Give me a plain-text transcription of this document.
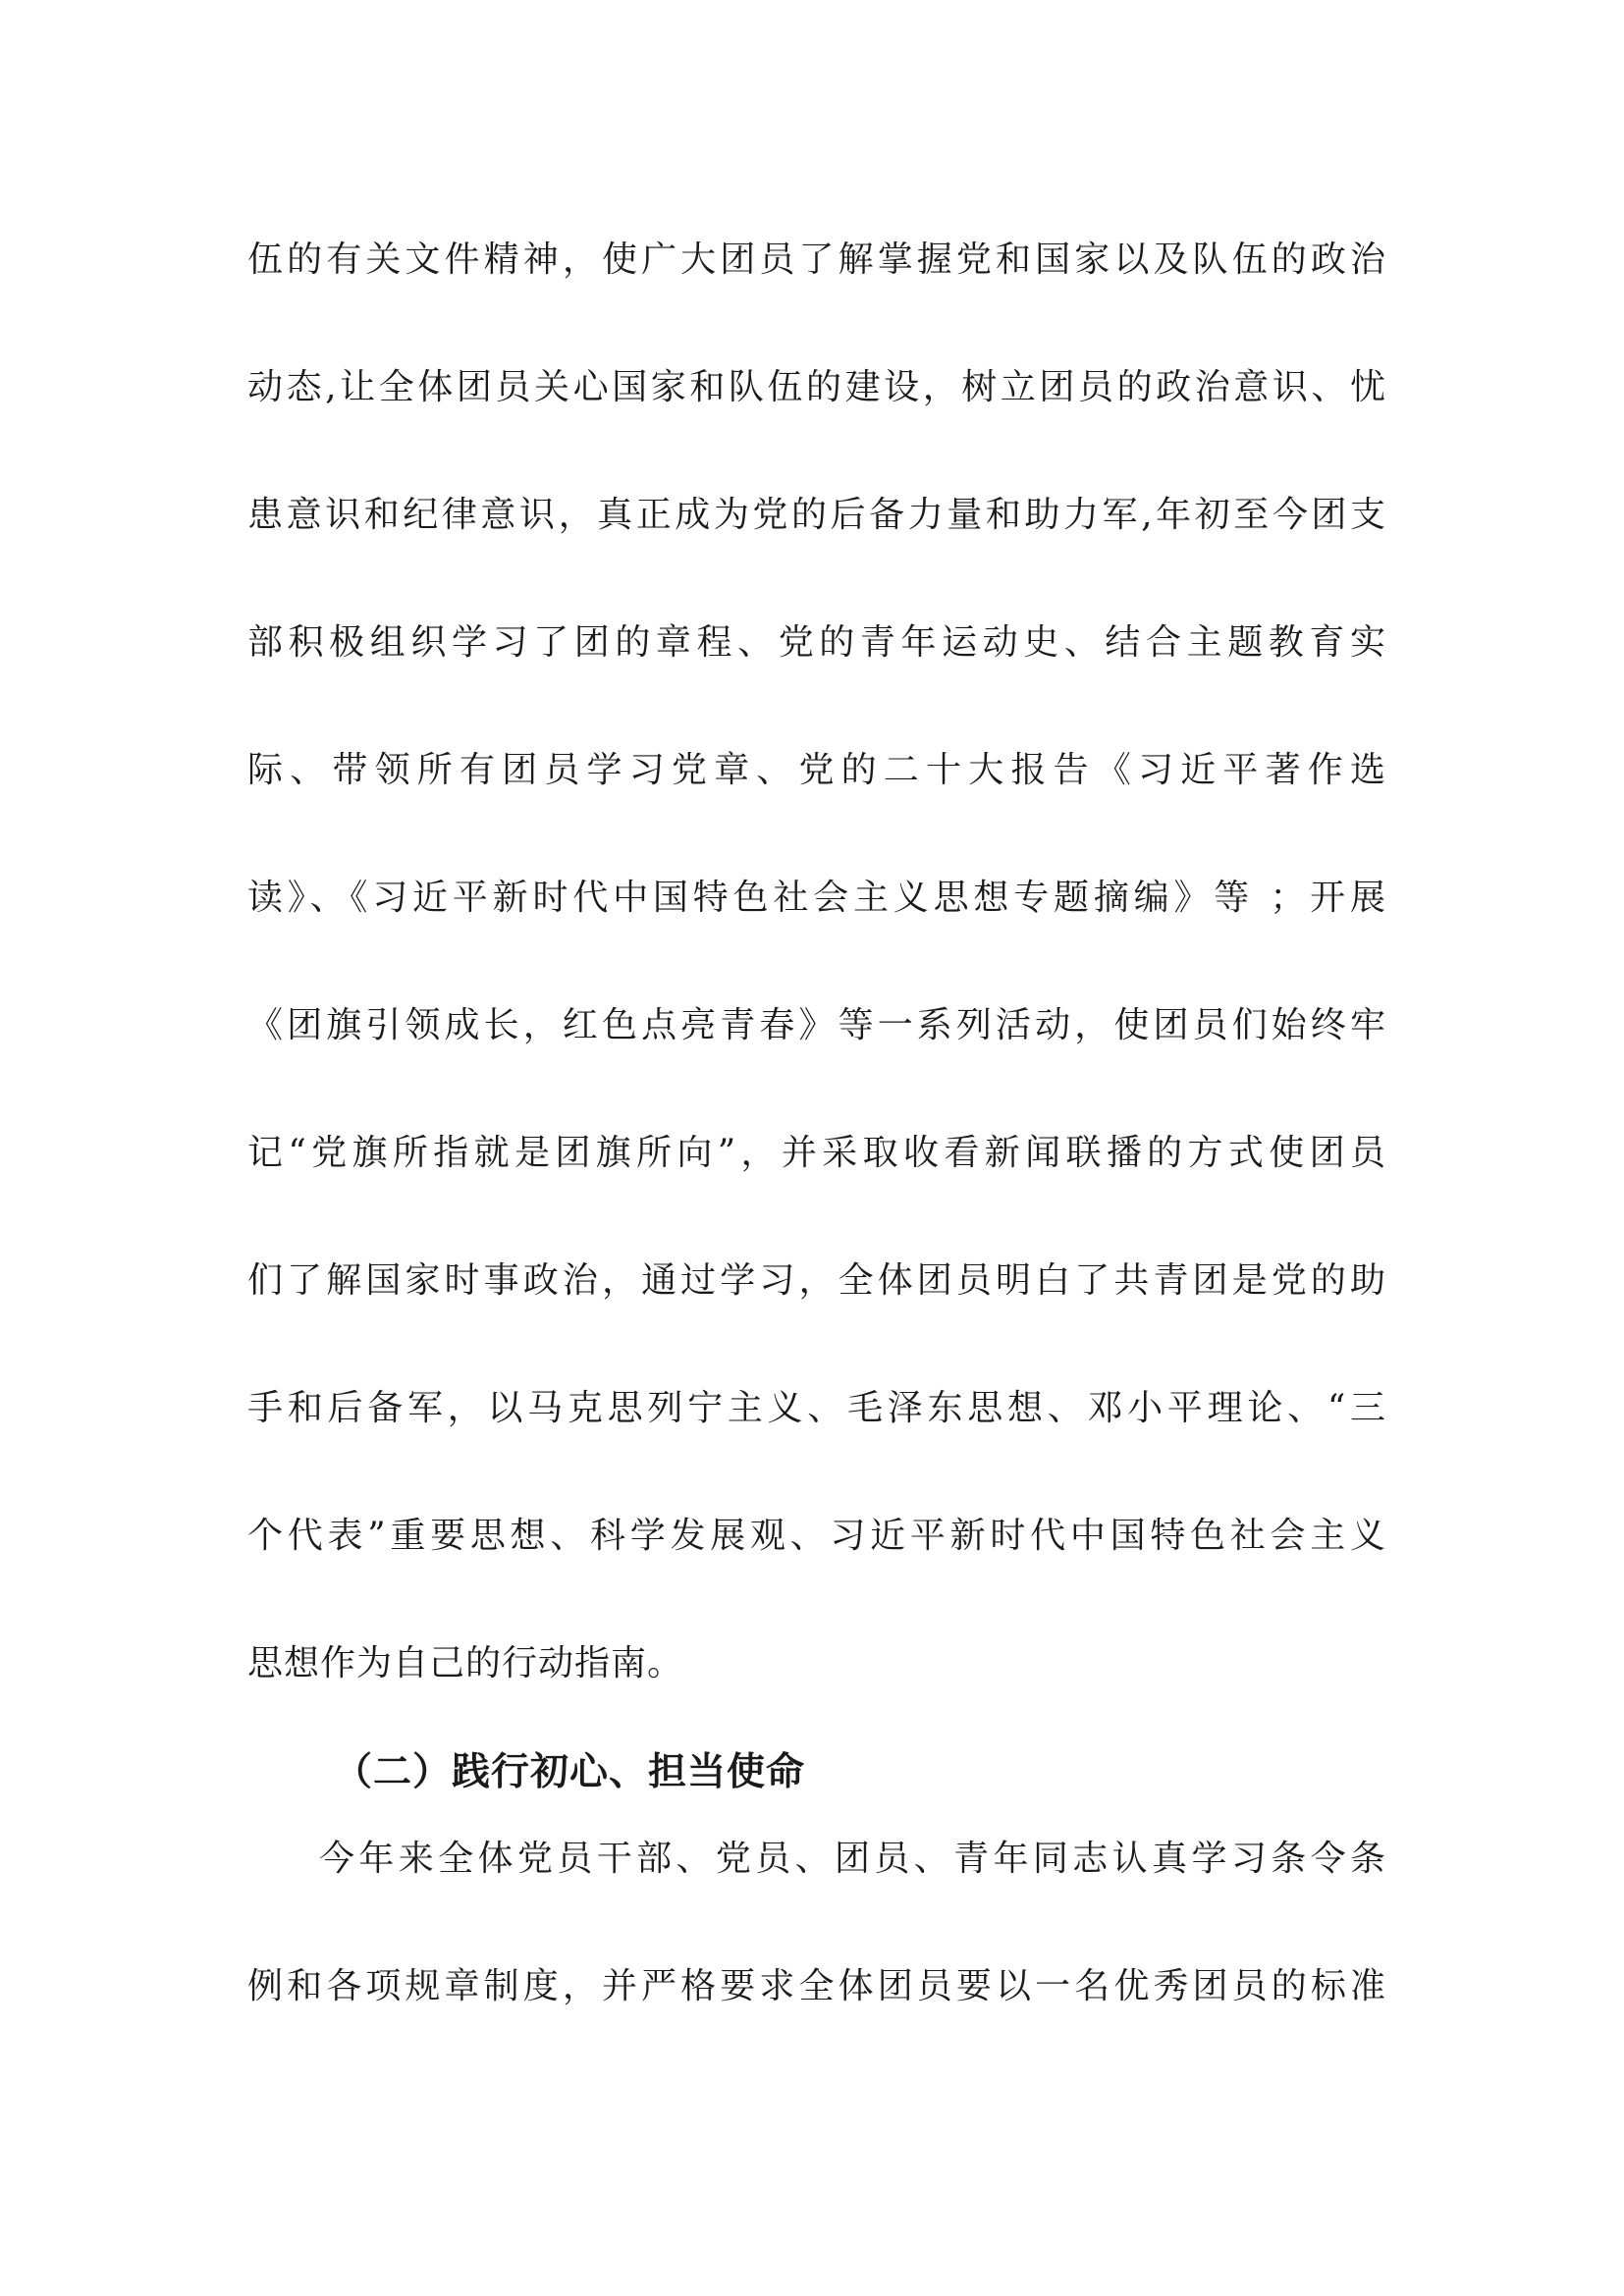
伍的有关文件精神，使广大团员了解掌握党和国家以及队伍的政治
动态,让全体团员关心国家和队伍的建设，树立团员的政治意识、忧
患意识和纪律意识，真正成为党的后备力量和助力军,年初至今团支
部积极组织学习了团的章程、党的青年运动史、结合主题教育实
际、带领所有团员学习党章、党的二十大报告《习近平著作选
读》、《习近平新时代中国特色社会主义思想专题摘编》等 ；开展
《团旗引领成长，红色点亮青春》等一系列活动，使团员们始终牢
记“党旗所指就是团旗所向”，并采取收看新闻联播的方式使团员
们了解国家时事政治，通过学习，全体团员明白了共青团是党的助
手和后备军，以马克思列宁主义、毛泽东思想、邓小平理论、“三
个代表”重要思想、科学发展观、习近平新时代中国特色社会主义
思想作为自己的行动指南。
（二）践行初心、担当使命
今年来全体党员干部、党员、团员、青年同志认真学习条令条
例和各项规章制度，并严格要求全体团员要以一名优秀团员的标准
